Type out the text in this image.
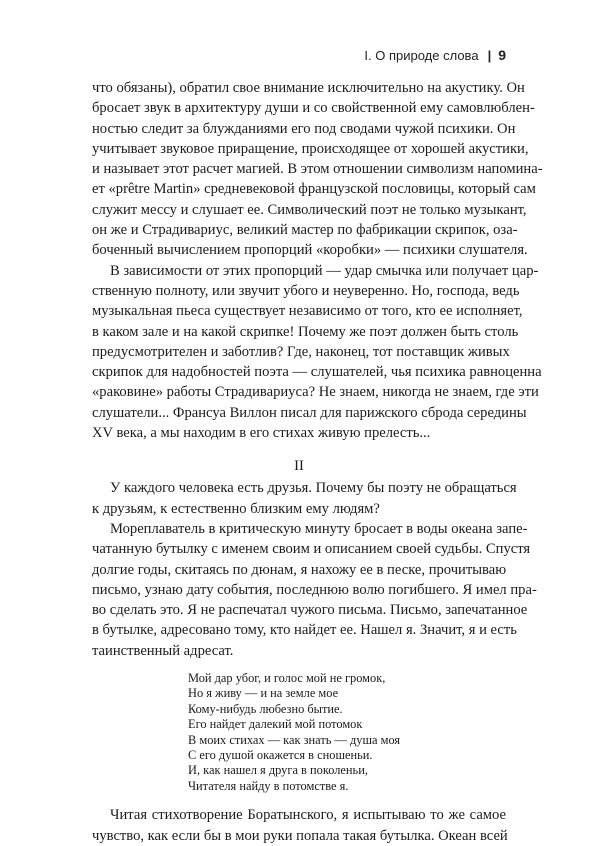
I. О природе слова | 9
что обязаны), обратил свое внимание исключительно на акустику. Он
бросает звук в архитектуру души и со свойственной ему самовлюблен-
ностью следит за блужданиями его под сводами чужой психики. Он
учитывает звуковое приращение, происходящее от хорошей акустики,
и называет этот расчет магией. В этом отношении символизм напомина-
ет «prêtre Martin» средневековой французской пословицы, который сам
служит мессу и слушает ее. Символический поэт не только музыкант,
он же и Страдивариус, великий мастер по фабрикации скрипок, оза-
боченный вычислением пропорций «коробки» — психики слушателя.
В зависимости от этих пропорций — удар смычка или получает цар-
ственную полноту, или звучит убого и неуверенно. Но, господа, ведь
музыкальная пьеса существует независимо от того, кто ее исполняет,
в каком зале и на какой скрипке! Почему же поэт должен быть столь
предусмотрителен и заботлив? Где, наконец, тот поставщик живых
скрипок для надобностей поэта — слушателей, чья психика равноценна
«раковине» работы Страдивариуса? Не знаем, никогда не знаем, где эти
слушатели... Франсуа Виллон писал для парижского сброда середины
XV века, а мы находим в его стихах живую прелесть...
II
У каждого человека есть друзья. Почему бы поэту не обращаться
к друзьям, к естественно близким ему людям?
Мореплаватель в критическую минуту бросает в воды океана запе-
чатанную бутылку с именем своим и описанием своей судьбы. Спустя
долгие годы, скитаясь по дюнам, я нахожу ее в песке, прочитываю
письмо, узнаю дату события, последнюю волю погибшего. Я имел пра-
во сделать это. Я не распечатал чужого письма. Письмо, запечатанное
в бутылке, адресовано тому, кто найдет ее. Нашел я. Значит, я и есть
таинственный адресат.
Мой дар убог, и голос мой не громок,
Но я живу — и на земле мое
Кому-нибудь любезно бытие.
Его найдет далекий мой потомок
В моих стихах — как знать — душа моя
С его душой окажется в сношеньи.
И, как нашел я друга в поколеньи,
Читателя найду в потомстве я.
Читая стихотворение Боратынского, я испытываю то же самое
чувство, как если бы в мои руки попала такая бутылка. Океан всей
